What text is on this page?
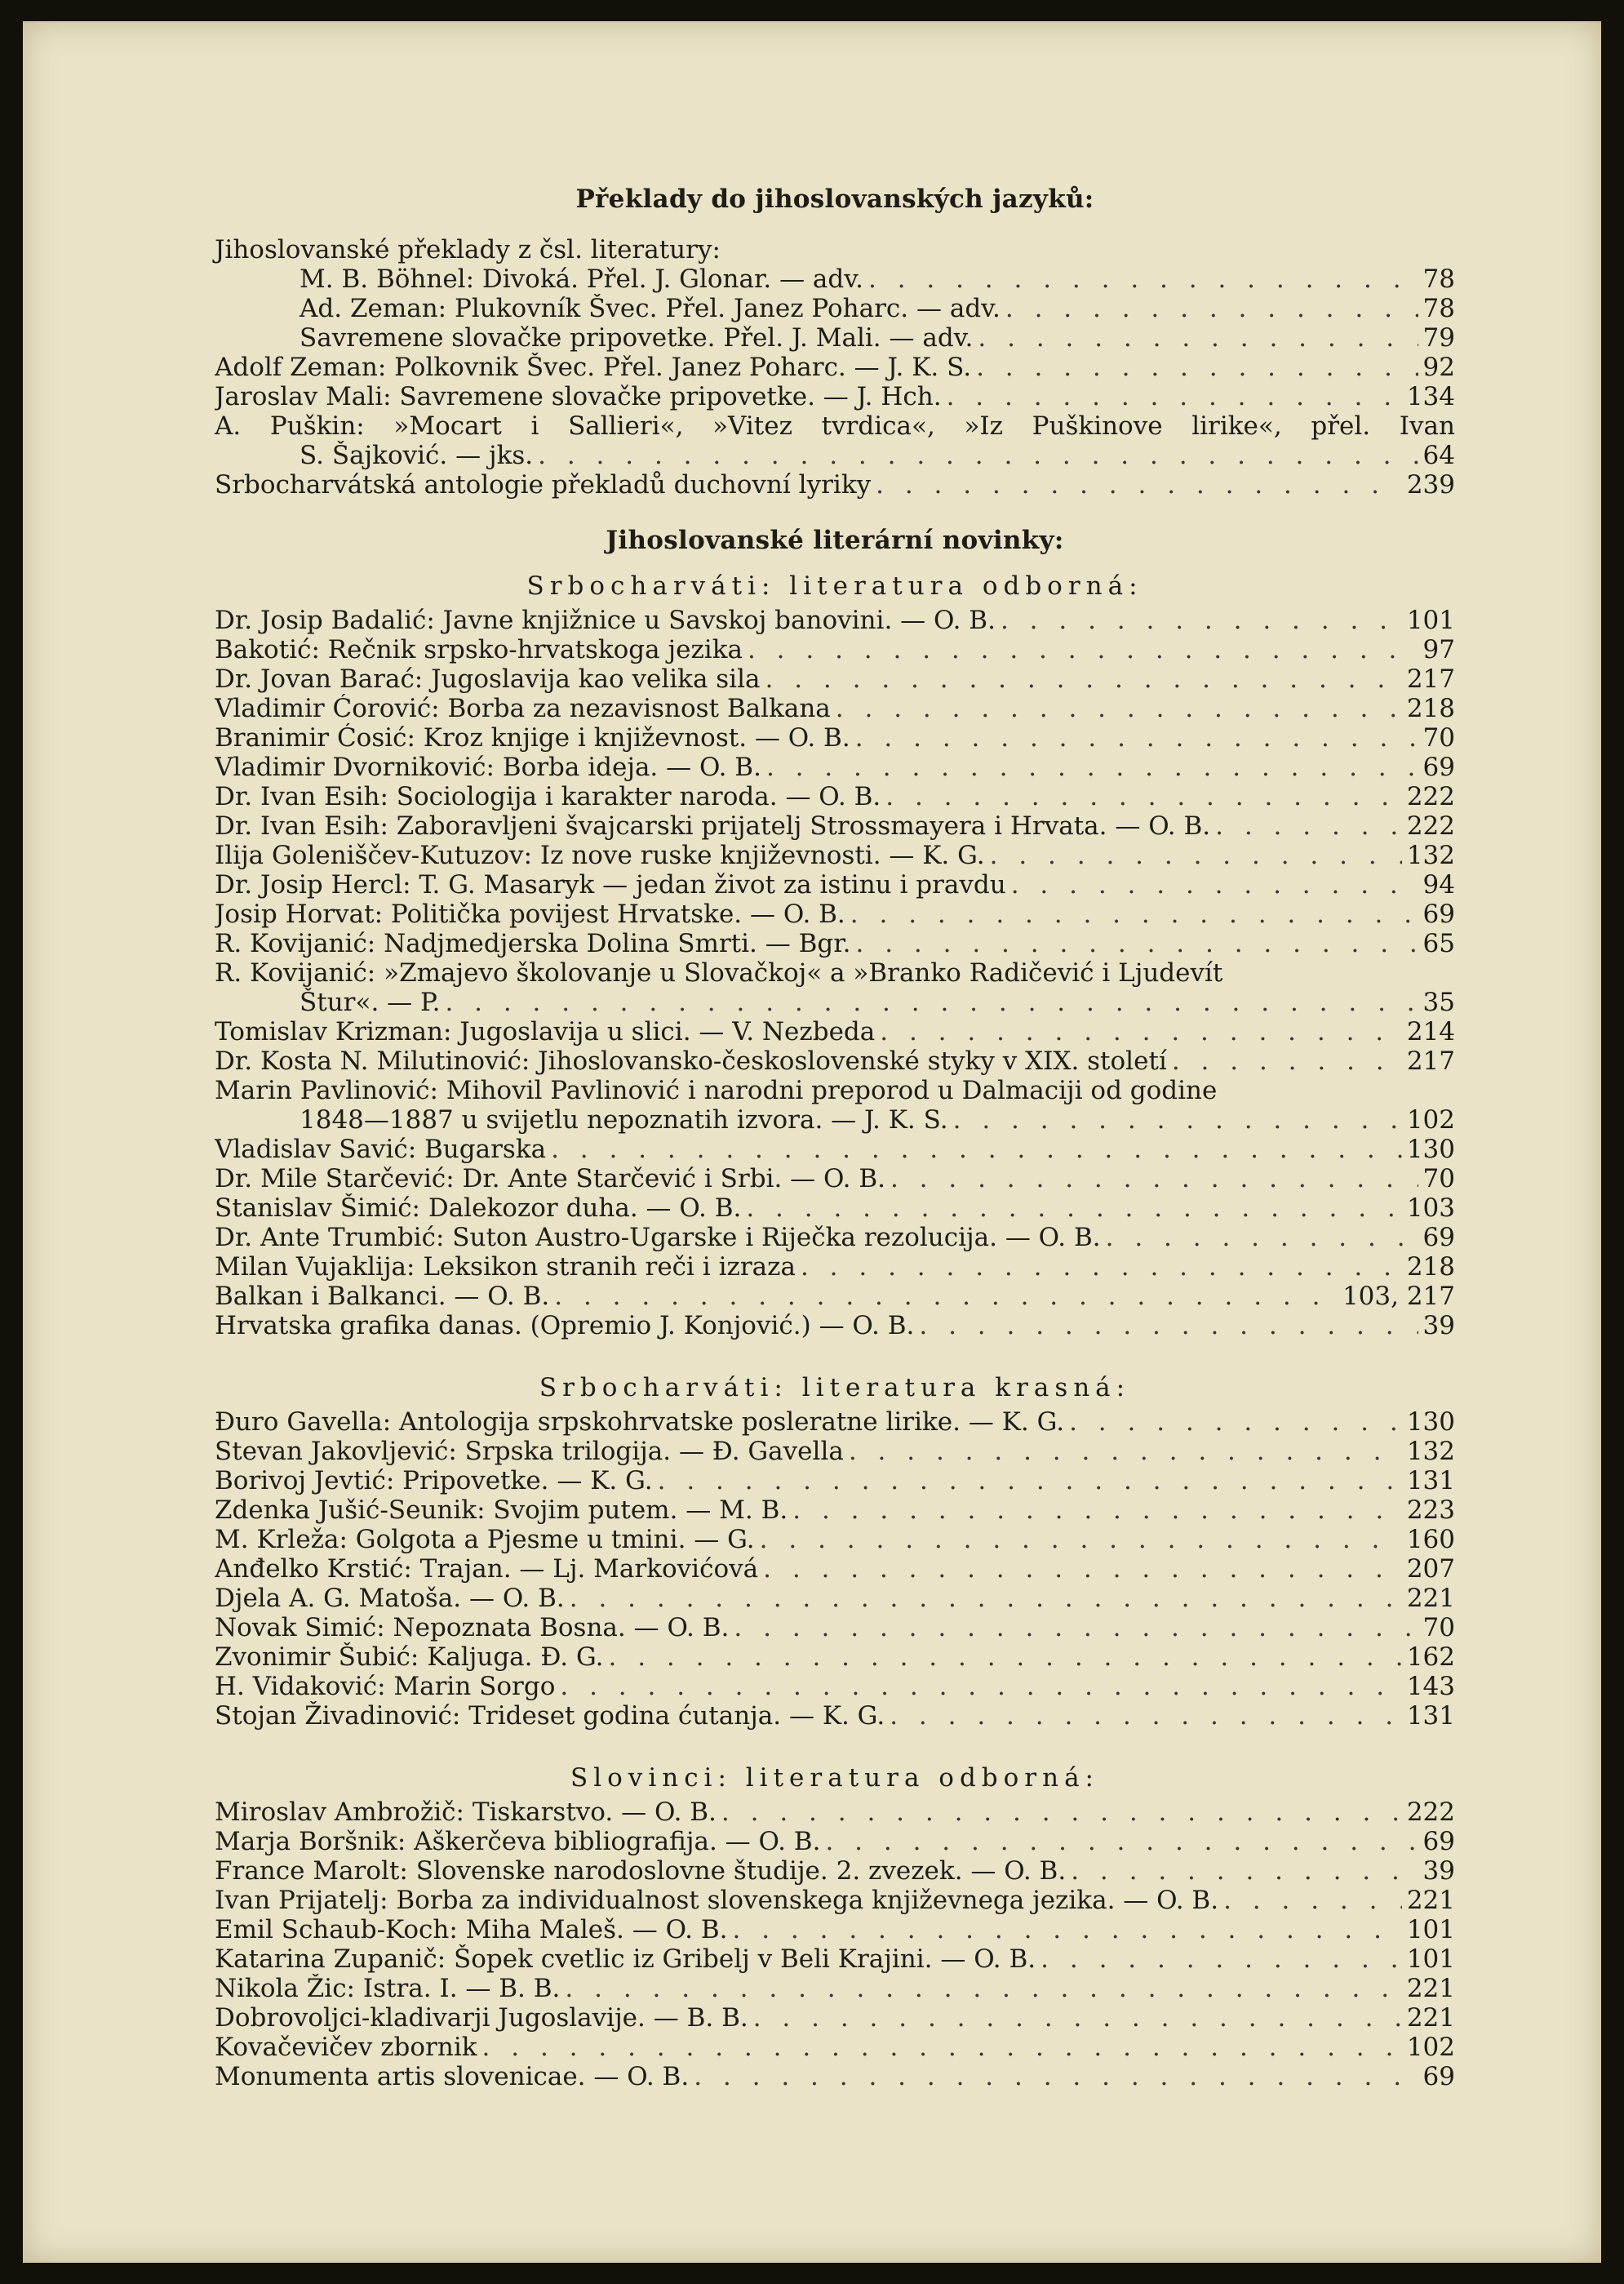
Překlady do jihoslovanských jazyků:
Jihoslovanské překlady z čsl. literatury:
M. B. Böhnel: Divoká. Přel. J. Glonar. — adv. . . .	78
Ad. Zeman: Plukovník Švec. Přel. Janez Poharc. — adv. . . .	78
Savremene slovačke pripovetke. Přel. J. Mali. — adv. . . .	79
Adolf Zeman: Polkovnik Švec. Přel. Janez Poharc. — J. K. S. . . .	92
Jaroslav Mali: Savremene slovačke pripovetke. — J. Hch. . . .	134
A. Puškin: »Mocart i Sallieri«, »Vitez tvrdica«, »Iz Puškinove lirike«, přel. Ivan
S. Šajković. — jks. . . .	64
Srbocharvátská antologie překladů duchovní lyriky . . .	239
Jihoslovanské literární novinky:
Srbocharváti: literatura odborná:
Dr. Josip Badalić: Javne knjižnice u Savskoj banovini. — O. B. . . .	101
Bakotić: Rečnik srpsko-hrvatskoga jezika . . .	97
Dr. Jovan Barać: Jugoslavija kao velika sila . . .	217
Vladimir Ćorović: Borba za nezavisnost Balkana . . .	218
Branimir Ćosić: Kroz knjige i književnost. — O. B. . . .	70
Vladimir Dvorniković: Borba ideja. — O. B. . . .	69
Dr. Ivan Esih: Sociologija i karakter naroda. — O. B. . . .	222
Dr. Ivan Esih: Zaboravljeni švajcarski prijatelj Strossmayera i Hrvata. — O. B. . . .	222
Ilija Goleniščev-Kutuzov: Iz nove ruske književnosti. — K. G. . . .	132
Dr. Josip Hercl: T. G. Masaryk — jedan život za istinu i pravdu . . .	94
Josip Horvat: Politička povijest Hrvatske. — O. B. . . .	69
R. Kovijanić: Nadjmedjerska Dolina Smrti. — Bgr. . . .	65
R. Kovijanić: »Zmajevo školovanje u Slovačkoj« a »Branko Radičević i Ljudevít
Štur«. — P. . . .	35
Tomislav Krizman: Jugoslavija u slici. — V. Nezbeda . . .	214
Dr. Kosta N. Milutinović: Jihoslovansko-československé styky v XIX. století . . .	217
Marin Pavlinović: Mihovil Pavlinović i narodni preporod u Dalmaciji od godine
1848—1887 u svijetlu nepoznatih izvora. — J. K. S. . . .	102
Vladislav Savić: Bugarska . . .	130
Dr. Mile Starčević: Dr. Ante Starčević i Srbi. — O. B. . . .	70
Stanislav Šimić: Dalekozor duha. — O. B. . . .	103
Dr. Ante Trumbić: Suton Austro-Ugarske i Riječka rezolucija. — O. B. . . .	69
Milan Vujaklija: Leksikon stranih reči i izraza . . .	218
Balkan i Balkanci. — O. B. . . .	103, 217
Hrvatska grafika danas. (Opremio J. Konjović.) — O. B. . . .	39
Srbocharváti: literatura krasná:
Đuro Gavella: Antologija srpskohrvatske posleratne lirike. — K. G. . . .	130
Stevan Jakovljević: Srpska trilogija. — Đ. Gavella . . .	132
Borivoj Jevtić: Pripovetke. — K. G. . . .	131
Zdenka Jušić-Seunik: Svojim putem. — M. B. . . .	223
M. Krleža: Golgota a Pjesme u tmini. — G. . . .	160
Anđelko Krstić: Trajan. — Lj. Markovićová . . .	207
Djela A. G. Matoša. — O. B. . . .	221
Novak Simić: Nepoznata Bosna. — O. B. . . .	70
Zvonimir Šubić: Kaljuga. Đ. G. . . .	162
H. Vidaković: Marin Sorgo . . .	143
Stojan Živadinović: Trideset godina ćutanja. — K. G. . . .	131
Slovinci: literatura odborná:
Miroslav Ambrožič: Tiskarstvo. — O. B. . . .	222
Marja Boršnik: Aškerčeva bibliografija. — O. B. . . .	69
France Marolt: Slovenske narodoslovne študije. 2. zvezek. — O. B. . . .	39
Ivan Prijatelj: Borba za individualnost slovenskega književnega jezika. — O. B. . . .	221
Emil Schaub-Koch: Miha Maleš. — O. B. . . .	101
Katarina Zupanič: Šopek cvetlic iz Gribelj v Beli Krajini. — O. B. . . .	101
Nikola Žic: Istra. I. — B. B. . . .	221
Dobrovoljci-kladivarji Jugoslavije. — B. B. . . .	221
Kovačevičev zbornik . . .	102
Monumenta artis slovenicae. — O. B. . . .	69
